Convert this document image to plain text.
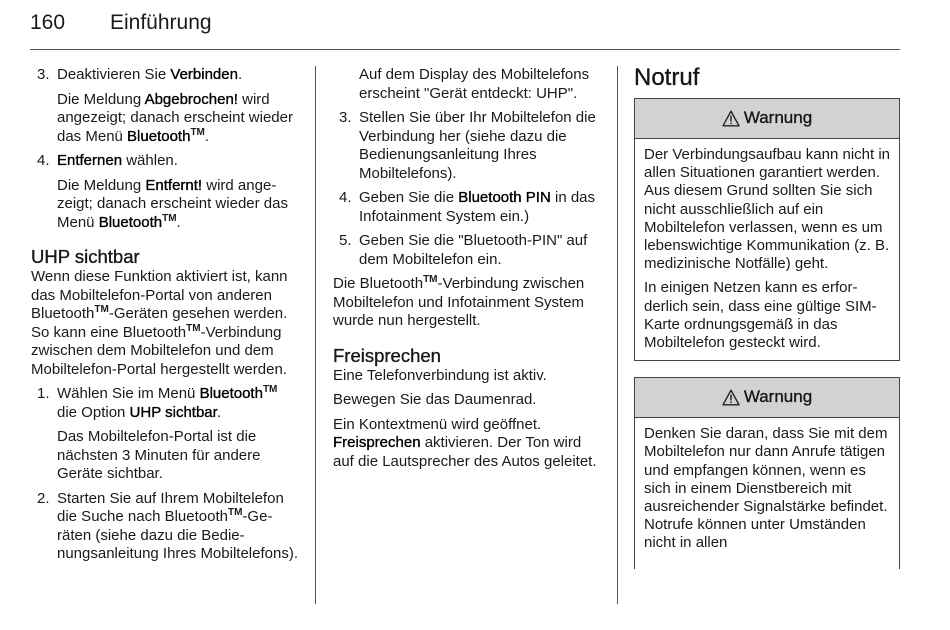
160 Einführung

3. Deaktivieren Sie Verbinden.

Die Meldung Abgebrochen! wird angezeigt; danach erscheint wieder das Menü Bluetooth™.

4. Entfernen wählen.

Die Meldung Entfernt! wird angezeigt; danach erscheint wieder das Menü Bluetooth™.

UHP sichtbar

Wenn diese Funktion aktiviert ist, kann das Mobiltelefon-Portal von anderen Bluetooth™-Geräten gesehen werden. So kann eine Bluetooth™-Verbindung zwischen dem Mobiltelefon und dem Mobiltelefon-Portal hergestellt werden.

1. Wählen Sie im Menü Bluetooth™ die Option UHP sichtbar.

Das Mobiltelefon-Portal ist die nächsten 3 Minuten für andere Geräte sichtbar.

2. Starten Sie auf Ihrem Mobiltelefon die Suche nach Bluetooth™-Geräten (siehe dazu die Bedienungsanleitung Ihres Mobiltelefons).

Auf dem Display des Mobiltelefons erscheint "Gerät entdeckt: UHP".

3. Stellen Sie über Ihr Mobiltelefon die Verbindung her (siehe dazu die Bedienungsanleitung Ihres Mobiltelefons).

4. Geben Sie die Bluetooth PIN in das Infotainment System ein.)

5. Geben Sie die "Bluetooth-PIN" auf dem Mobiltelefon ein.

Die Bluetooth™-Verbindung zwischen Mobiltelefon und Infotainment System wurde nun hergestellt.

Freisprechen

Eine Telefonverbindung ist aktiv.

Bewegen Sie das Daumenrad.

Ein Kontextmenü wird geöffnet.
Freisprechen aktivieren. Der Ton wird auf die Lautsprecher des Autos geleitet.

Notruf
Warnung

Der Verbindungsaufbau kann nicht in allen Situationen garantiert werden. Aus diesem Grund sollten Sie sich nicht ausschließlich auf ein Mobiltelefon verlassen, wenn es um lebenswichtige Kommunikation (z. B. medizinische Notfälle) geht.

In einigen Netzen kann es erforderlich sein, dass eine gültige SIM-Karte ordnungsgemäß in das Mobiltelefon gesteckt wird.

Warnung

Denken Sie daran, dass Sie mit dem Mobiltelefon nur dann Anrufe tätigen und empfangen können, wenn es sich in einem Dienstbereich mit ausreichender Signalstärke befindet. Notrufe können unter Umständen nicht in allen
